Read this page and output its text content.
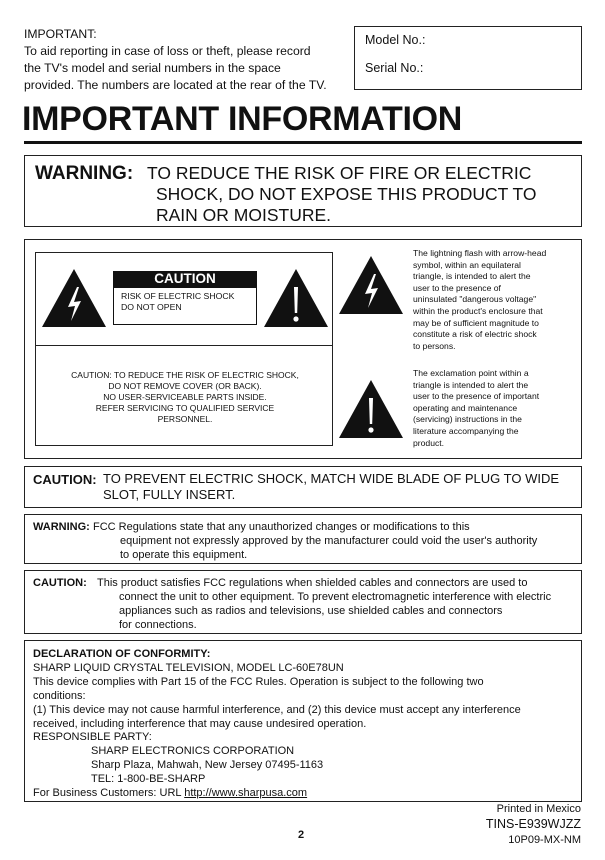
IMPORTANT:
To aid reporting in case of loss or theft, please record
the TV's model and serial numbers in the space
provided. The numbers are located at the rear of the TV.
Model No.:
Serial No.:
IMPORTANT INFORMATION
WARNING: TO REDUCE THE RISK OF FIRE OR ELECTRIC
SHOCK, DO NOT EXPOSE THIS PRODUCT TO
RAIN OR MOISTURE.
CAUTION
RISK OF ELECTRIC SHOCK
DO NOT OPEN
CAUTION: TO REDUCE THE RISK OF ELECTRIC SHOCK,
DO NOT REMOVE COVER (OR BACK).
NO USER-SERVICEABLE PARTS INSIDE.
REFER SERVICING TO QUALIFIED SERVICE
PERSONNEL.
The lightning flash with arrow-head
symbol, within an equilateral
triangle, is intended to alert the
user to the presence of
uninsulated "dangerous voltage"
within the product's enclosure that
may be of sufficient magnitude to
constitute a risk of electric shock
to persons.
The exclamation point within a
triangle is intended to alert the
user to the presence of important
operating and maintenance
(servicing) instructions in the
literature accompanying the
product.
CAUTION: TO PREVENT ELECTRIC SHOCK, MATCH WIDE BLADE OF PLUG TO WIDE
SLOT, FULLY INSERT.
WARNING: FCC Regulations state that any unauthorized changes or modifications to this
equipment not expressly approved by the manufacturer could void the user's authority
to operate this equipment.
CAUTION: This product satisfies FCC regulations when shielded cables and connectors are used to
connect the unit to other equipment. To prevent electromagnetic interference with electric
appliances such as radios and televisions, use shielded cables and connectors
for connections.
DECLARATION OF CONFORMITY:
SHARP LIQUID CRYSTAL TELEVISION, MODEL LC-60E78UN
This device complies with Part 15 of the FCC Rules. Operation is subject to the following two
conditions:
(1) This device may not cause harmful interference, and (2) this device must accept any interference
received, including interference that may cause undesired operation.
RESPONSIBLE PARTY:
SHARP ELECTRONICS CORPORATION
Sharp Plaza, Mahwah, New Jersey 07495-1163
TEL: 1-800-BE-SHARP
For Business Customers: URL http://www.sharpusa.com
Printed in Mexico
TINS-E939WJZZ
2	10P09-MX-NM
